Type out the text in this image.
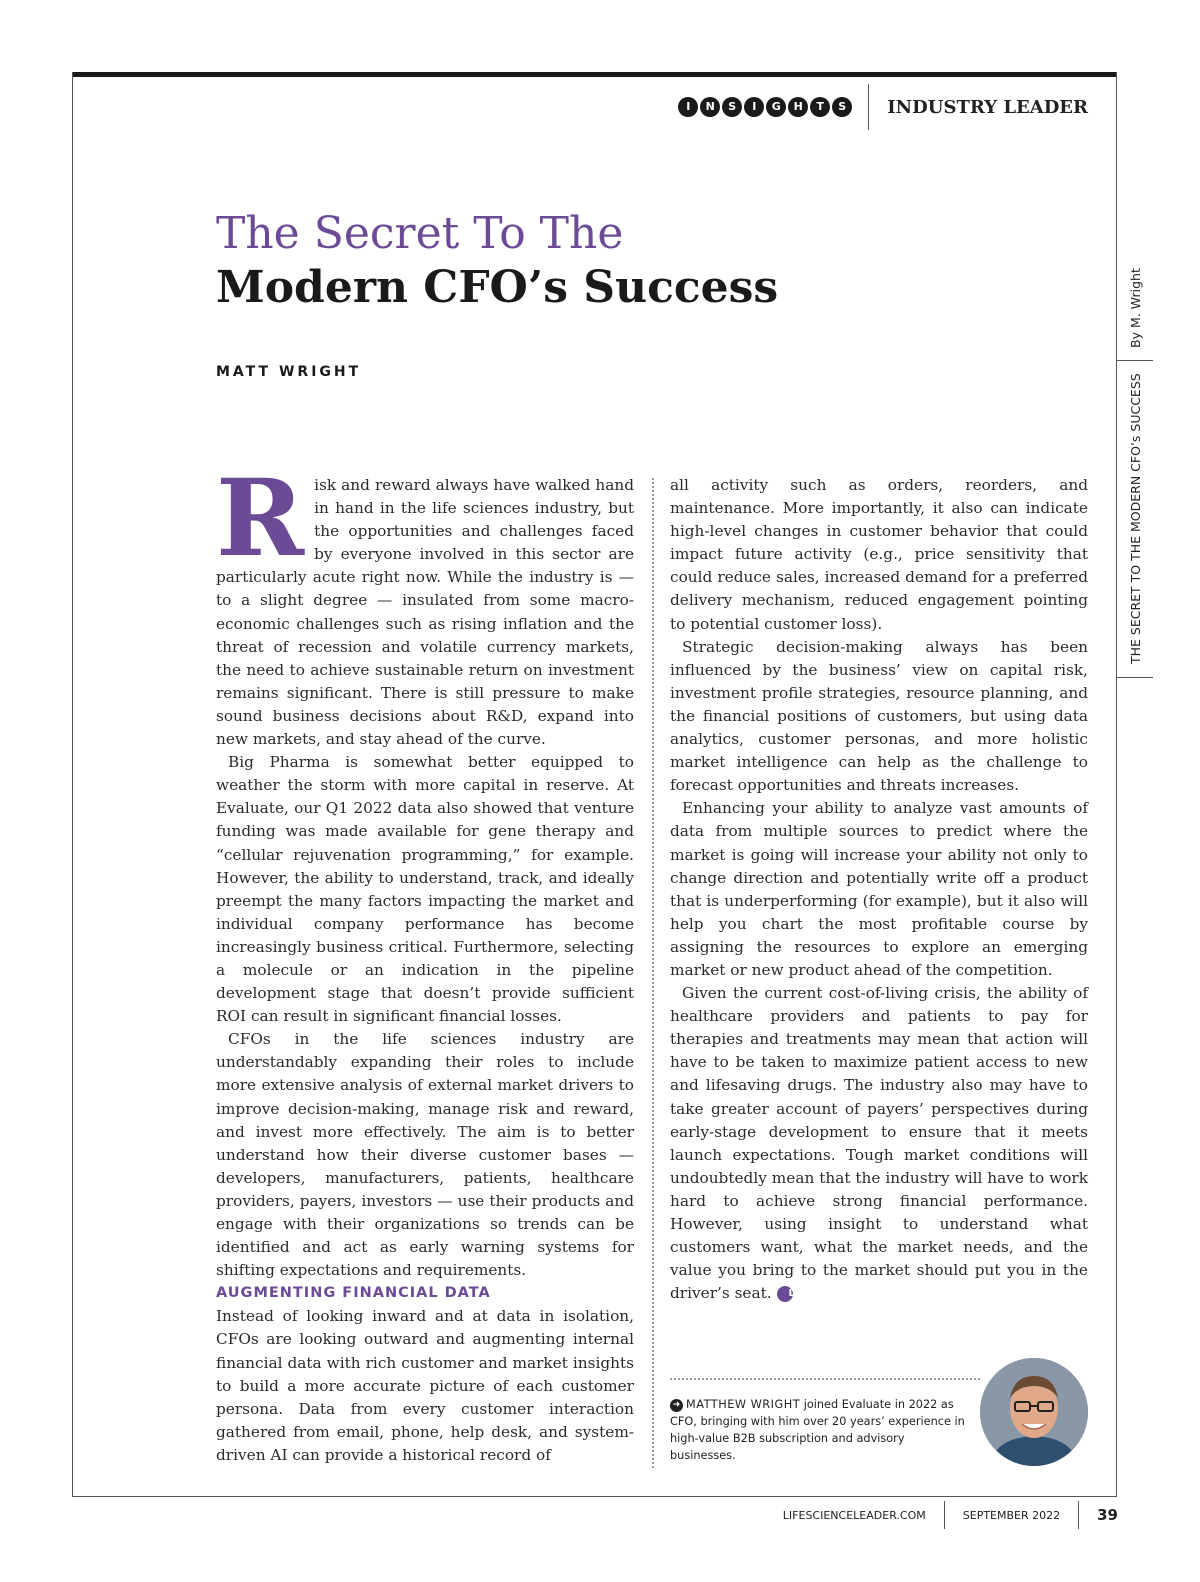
I	N	S	I	G	H	T	S	INDUSTRY LEADER
The Secret To The
Modern CFO’s Success
MATT WRIGHT

Risk and reward always have walked hand in hand in the life sciences industry, but the opportunities and challenges faced by everyone involved in this sector are particularly acute right now. While the industry is — to a slight degree — insulated from some macro-economic challenges such as rising inflation and the threat of recession and volatile currency markets, the need to achieve sustainable return on investment remains significant. There is still pressure to make sound business decisions about R&D, expand into new markets, and stay ahead of the curve.

Big Pharma is somewhat better equipped to weather the storm with more capital in reserve. At Evaluate, our Q1 2022 data also showed that venture funding was made available for gene therapy and “cellular rejuvenation programming,” for example. However, the ability to understand, track, and ideally preempt the many factors impacting the market and individual company performance has become increasingly business critical. Furthermore, selecting a molecule or an indication in the pipeline development stage that doesn’t provide sufficient ROI can result in significant financial losses.

CFOs in the life sciences industry are understandably expanding their roles to include more extensive analysis of external market drivers to improve decision-making, manage risk and reward, and invest more effectively. The aim is to better understand how their diverse customer bases — developers, manufacturers, patients, healthcare providers, payers, investors — use their products and engage with their organizations so trends can be identified and act as early warning systems for shifting expectations and requirements.

AUGMENTING FINANCIAL DATA

Instead of looking inward and at data in isolation, CFOs are looking outward and augmenting internal financial data with rich customer and market insights to build a more accurate picture of each customer persona. Data from every customer interaction gathered from email, phone, help desk, and system-driven AI can provide a historical record of

all activity such as orders, reorders, and maintenance. More importantly, it also can indicate high-level changes in customer behavior that could impact future activity (e.g., price sensitivity that could reduce sales, increased demand for a preferred delivery mechanism, reduced engagement pointing to potential customer loss).

Strategic decision-making always has been influenced by the business’ view on capital risk, investment profile strategies, resource planning, and the financial positions of customers, but using data analytics, customer personas, and more holistic market intelligence can help as the challenge to forecast opportunities and threats increases.

Enhancing your ability to analyze vast amounts of data from multiple sources to predict where the market is going will increase your ability not only to change direction and potentially write off a product that is underperforming (for example), but it also will help you chart the most profitable course by assigning the resources to explore an emerging market or new product ahead of the competition.

Given the current cost-of-living crisis, the ability of healthcare providers and patients to pay for therapies and treatments may mean that action will have to be taken to maximize patient access to new and lifesaving drugs. The industry also may have to take greater account of payers’ perspectives during early-stage development to ensure that it meets launch expectations. Tough market conditions will undoubtedly mean that the industry will have to work hard to achieve strong financial performance. However, using insight to understand what customers want, what the market needs, and the value you bring to the market should put you in the driver’s seat. L

➜ MATTHEW WRIGHT joined Evaluate in 2022 as CFO, bringing with him over 20 years’ experience in high-value B2B subscription and advisory businesses.
By M. Wright
THE SECRET TO THE MODERN CFO’s SUCCESS
LIFESCIENCELEADER.COM	SEPTEMBER 2022 39
